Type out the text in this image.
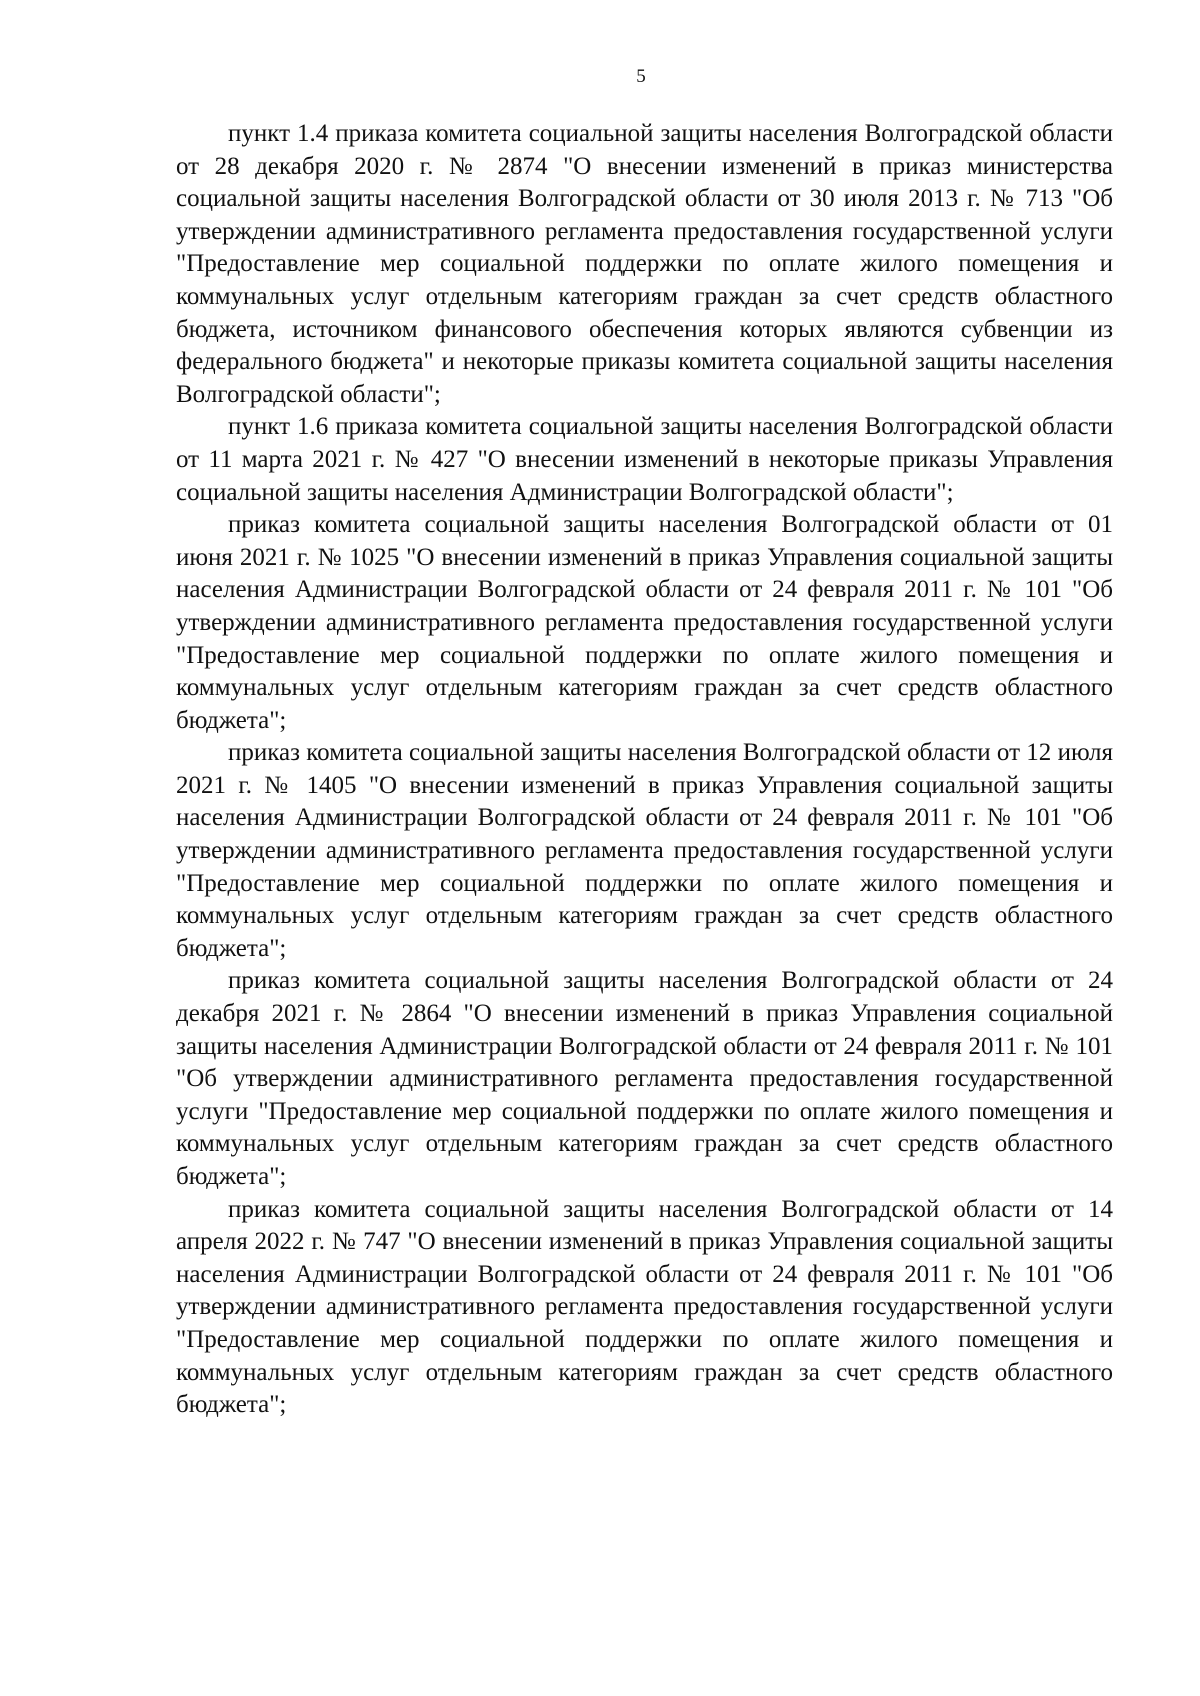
5

пункт 1.4 приказа комитета социальной защиты населения Волгоградской области от 28 декабря 2020 г. № 2874 "О внесении изменений в приказ министерства социальной защиты населения Волгоградской области от 30 июля 2013 г. № 713 "Об утверждении административного регламента предоставления государственной услуги "Предоставление мер социальной поддержки по оплате жилого помещения и коммунальных услуг отдельным категориям граждан за счет средств областного бюджета, источником финансового обеспечения которых являются субвенции из федерального бюджета" и некоторые приказы комитета социальной защиты населения Волгоградской области";

пункт 1.6 приказа комитета социальной защиты населения Волгоградской области от 11 марта 2021 г. № 427 "О внесении изменений в некоторые приказы Управления социальной защиты населения Администрации Волгоградской области";

приказ комитета социальной защиты населения Волгоградской области от 01 июня 2021 г. № 1025 "О внесении изменений в приказ Управления социальной защиты населения Администрации Волгоградской области от 24 февраля 2011 г. № 101 "Об утверждении административного регламента предоставления государственной услуги "Предоставление мер социальной поддержки по оплате жилого помещения и коммунальных услуг отдельным категориям граждан за счет средств областного бюджета";

приказ комитета социальной защиты населения Волгоградской области от 12 июля 2021 г. № 1405 "О внесении изменений в приказ Управления социальной защиты населения Администрации Волгоградской области от 24 февраля 2011 г. № 101 "Об утверждении административного регламента предоставления государственной услуги "Предоставление мер социальной поддержки по оплате жилого помещения и коммунальных услуг отдельным категориям граждан за счет средств областного бюджета";

приказ комитета социальной защиты населения Волгоградской области от 24 декабря 2021 г. № 2864 "О внесении изменений в приказ Управления социальной защиты населения Администрации Волгоградской области от 24 февраля 2011 г. № 101 "Об утверждении административного регламента предоставления государственной услуги "Предоставление мер социальной поддержки по оплате жилого помещения и коммунальных услуг отдельным категориям граждан за счет средств областного бюджета";

приказ комитета социальной защиты населения Волгоградской области от 14 апреля 2022 г. № 747 "О внесении изменений в приказ Управления социальной защиты населения Администрации Волгоградской области от 24 февраля 2011 г. № 101 "Об утверждении административного регламента предоставления государственной услуги "Предоставление мер социальной поддержки по оплате жилого помещения и коммунальных услуг отдельным категориям граждан за счет средств областного бюджета";
